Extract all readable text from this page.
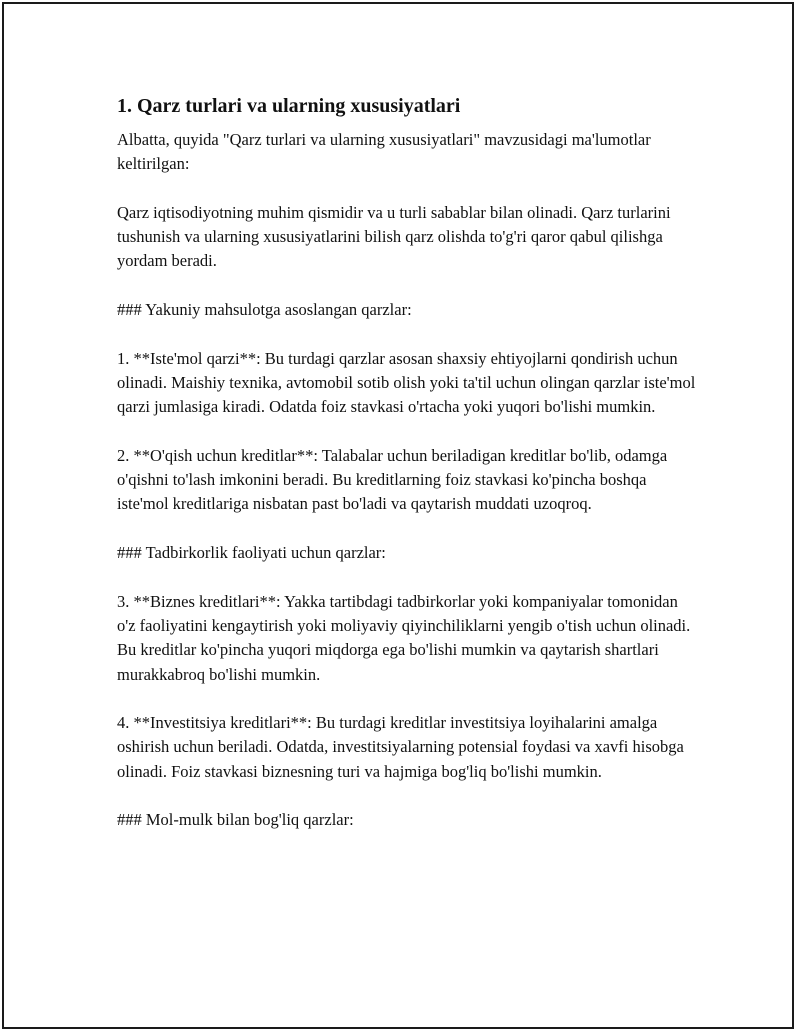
1. Qarz turlari va ularning xususiyatlari

Albatta, quyida "Qarz turlari va ularning xususiyatlari" mavzusidagi ma'lumotlar keltirilgan:

Qarz iqtisodiyotning muhim qismidir va u turli sabablar bilan olinadi. Qarz turlarini tushunish va ularning xususiyatlarini bilish qarz olishda to'g'ri qaror qabul qilishga yordam beradi.

### Yakuniy mahsulotga asoslangan qarzlar:

1. **Iste'mol qarzi**: Bu turdagi qarzlar asosan shaxsiy ehtiyojlarni qondirish uchun olinadi. Maishiy texnika, avtomobil sotib olish yoki ta'til uchun olingan qarzlar iste'mol qarzi jumlasiga kiradi. Odatda foiz stavkasi o'rtacha yoki yuqori bo'lishi mumkin.

2. **O'qish uchun kreditlar**: Talabalar uchun beriladigan kreditlar bo'lib, odamga o'qishni to'lash imkonini beradi. Bu kreditlarning foiz stavkasi ko'pincha boshqa iste'mol kreditlariga nisbatan past bo'ladi va qaytarish muddati uzoqroq.

### Tadbirkorlik faoliyati uchun qarzlar:

3. **Biznes kreditlari**: Yakka tartibdagi tadbirkorlar yoki kompaniyalar tomonidan o'z faoliyatini kengaytirish yoki moliyaviy qiyinchiliklarni yengib o'tish uchun olinadi. Bu kreditlar ko'pincha yuqori miqdorga ega bo'lishi mumkin va qaytarish shartlari murakkabroq bo'lishi mumkin.

4. **Investitsiya kreditlari**: Bu turdagi kreditlar investitsiya loyihalarini amalga oshirish uchun beriladi. Odatda, investitsiyalarning potensial foydasi va xavfi hisobga olinadi. Foiz stavkasi biznesning turi va hajmiga bog'liq bo'lishi mumkin.

### Mol-mulk bilan bog'liq qarzlar:
